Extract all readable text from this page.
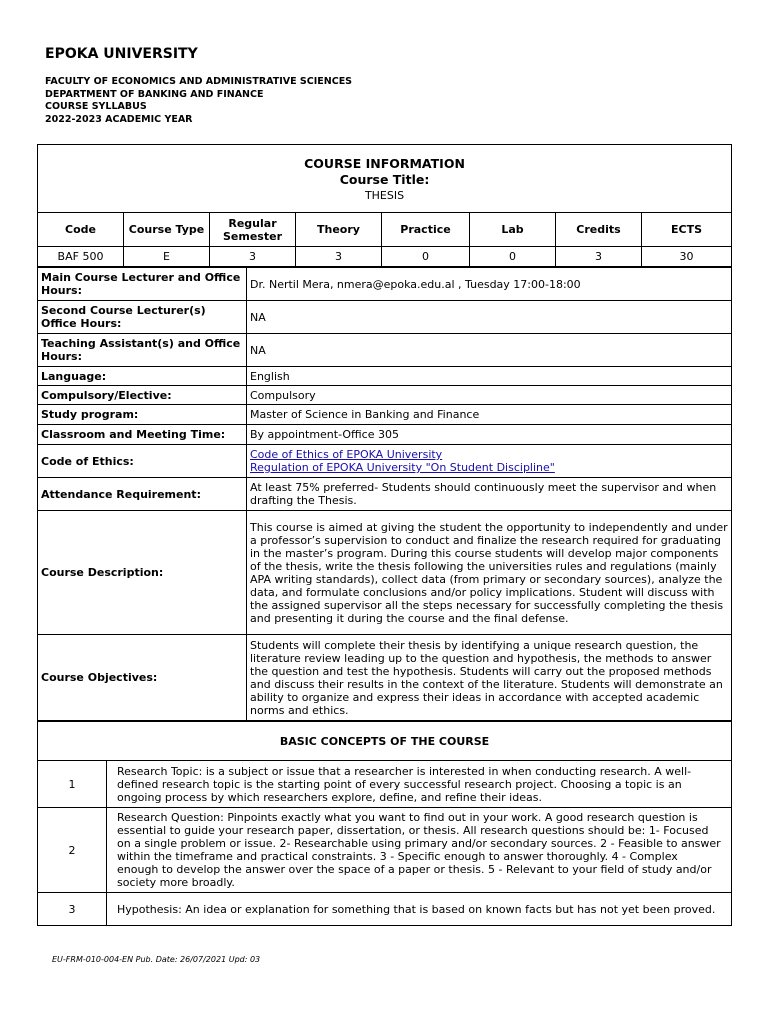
EPOKA UNIVERSITY
FACULTY OF ECONOMICS AND ADMINISTRATIVE SCIENCES
DEPARTMENT OF BANKING AND FINANCE
COURSE SYLLABUS
2022-2023 ACADEMIC YEAR
COURSE INFORMATION
Course Title:
THESIS							

Code	Course Type	Regular Semester	Theory	Practice	Lab	Credits	ECTS
BAF 500	E	3	3	0	0	3	30
Main Course Lecturer and Office Hours:	Dr. Nertil Mera, nmera@epoka.edu.al , Tuesday 17:00-18:00
Second Course Lecturer(s) Office Hours:	NA
Teaching Assistant(s) and Office Hours:	NA
Language:	English
Compulsory/Elective:	Compulsory
Study program:	Master of Science in Banking and Finance
Classroom and Meeting Time:	By appointment-Office 305
Code of Ethics:	Code of Ethics of EPOKA University
Regulation of EPOKA University "On Student Discipline"
Attendance Requirement:	At least 75% preferred- Students should continuously meet the supervisor and when drafting the Thesis.
Course Description:	This course is aimed at giving the student the opportunity to independently and under a professor’s supervision to conduct and finalize the research required for graduating in the master’s program. During this course students will develop major components of the thesis, write the thesis following the universities rules and regulations (mainly APA writing standards), collect data (from primary or secondary sources), analyze the data, and formulate conclusions and/or policy implications. Student will discuss with the assigned supervisor all the steps necessary for successfully completing the thesis and presenting it during the course and the final defense.
Course Objectives:	Students will complete their thesis by identifying a unique research question, the literature review leading up to the question and hypothesis, the methods to answer the question and test the hypothesis. Students will carry out the proposed methods and discuss their results in the context of the literature. Students will demonstrate an ability to organize and express their ideas in accordance with accepted academic norms and ethics.
BASIC CONCEPTS OF THE COURSE	
1	Research Topic: is a subject or issue that a researcher is interested in when conducting research. A well-defined research topic is the starting point of every successful research project. Choosing a topic is an ongoing process by which researchers explore, define, and refine their ideas.
2	Research Question: Pinpoints exactly what you want to find out in your work. A good research question is essential to guide your research paper, dissertation, or thesis. All research questions should be: 1- Focused on a single problem or issue. 2- Researchable using primary and/or secondary sources. 2 - Feasible to answer within the timeframe and practical constraints. 3 - Specific enough to answer thoroughly. 4 - Complex enough to develop the answer over the space of a paper or thesis. 5 - Relevant to your field of study and/or society more broadly.
3	Hypothesis: An idea or explanation for something that is based on known facts but has not yet been proved.
EU-FRM-010-004-EN Pub. Date: 26/07/2021 Upd: 03
